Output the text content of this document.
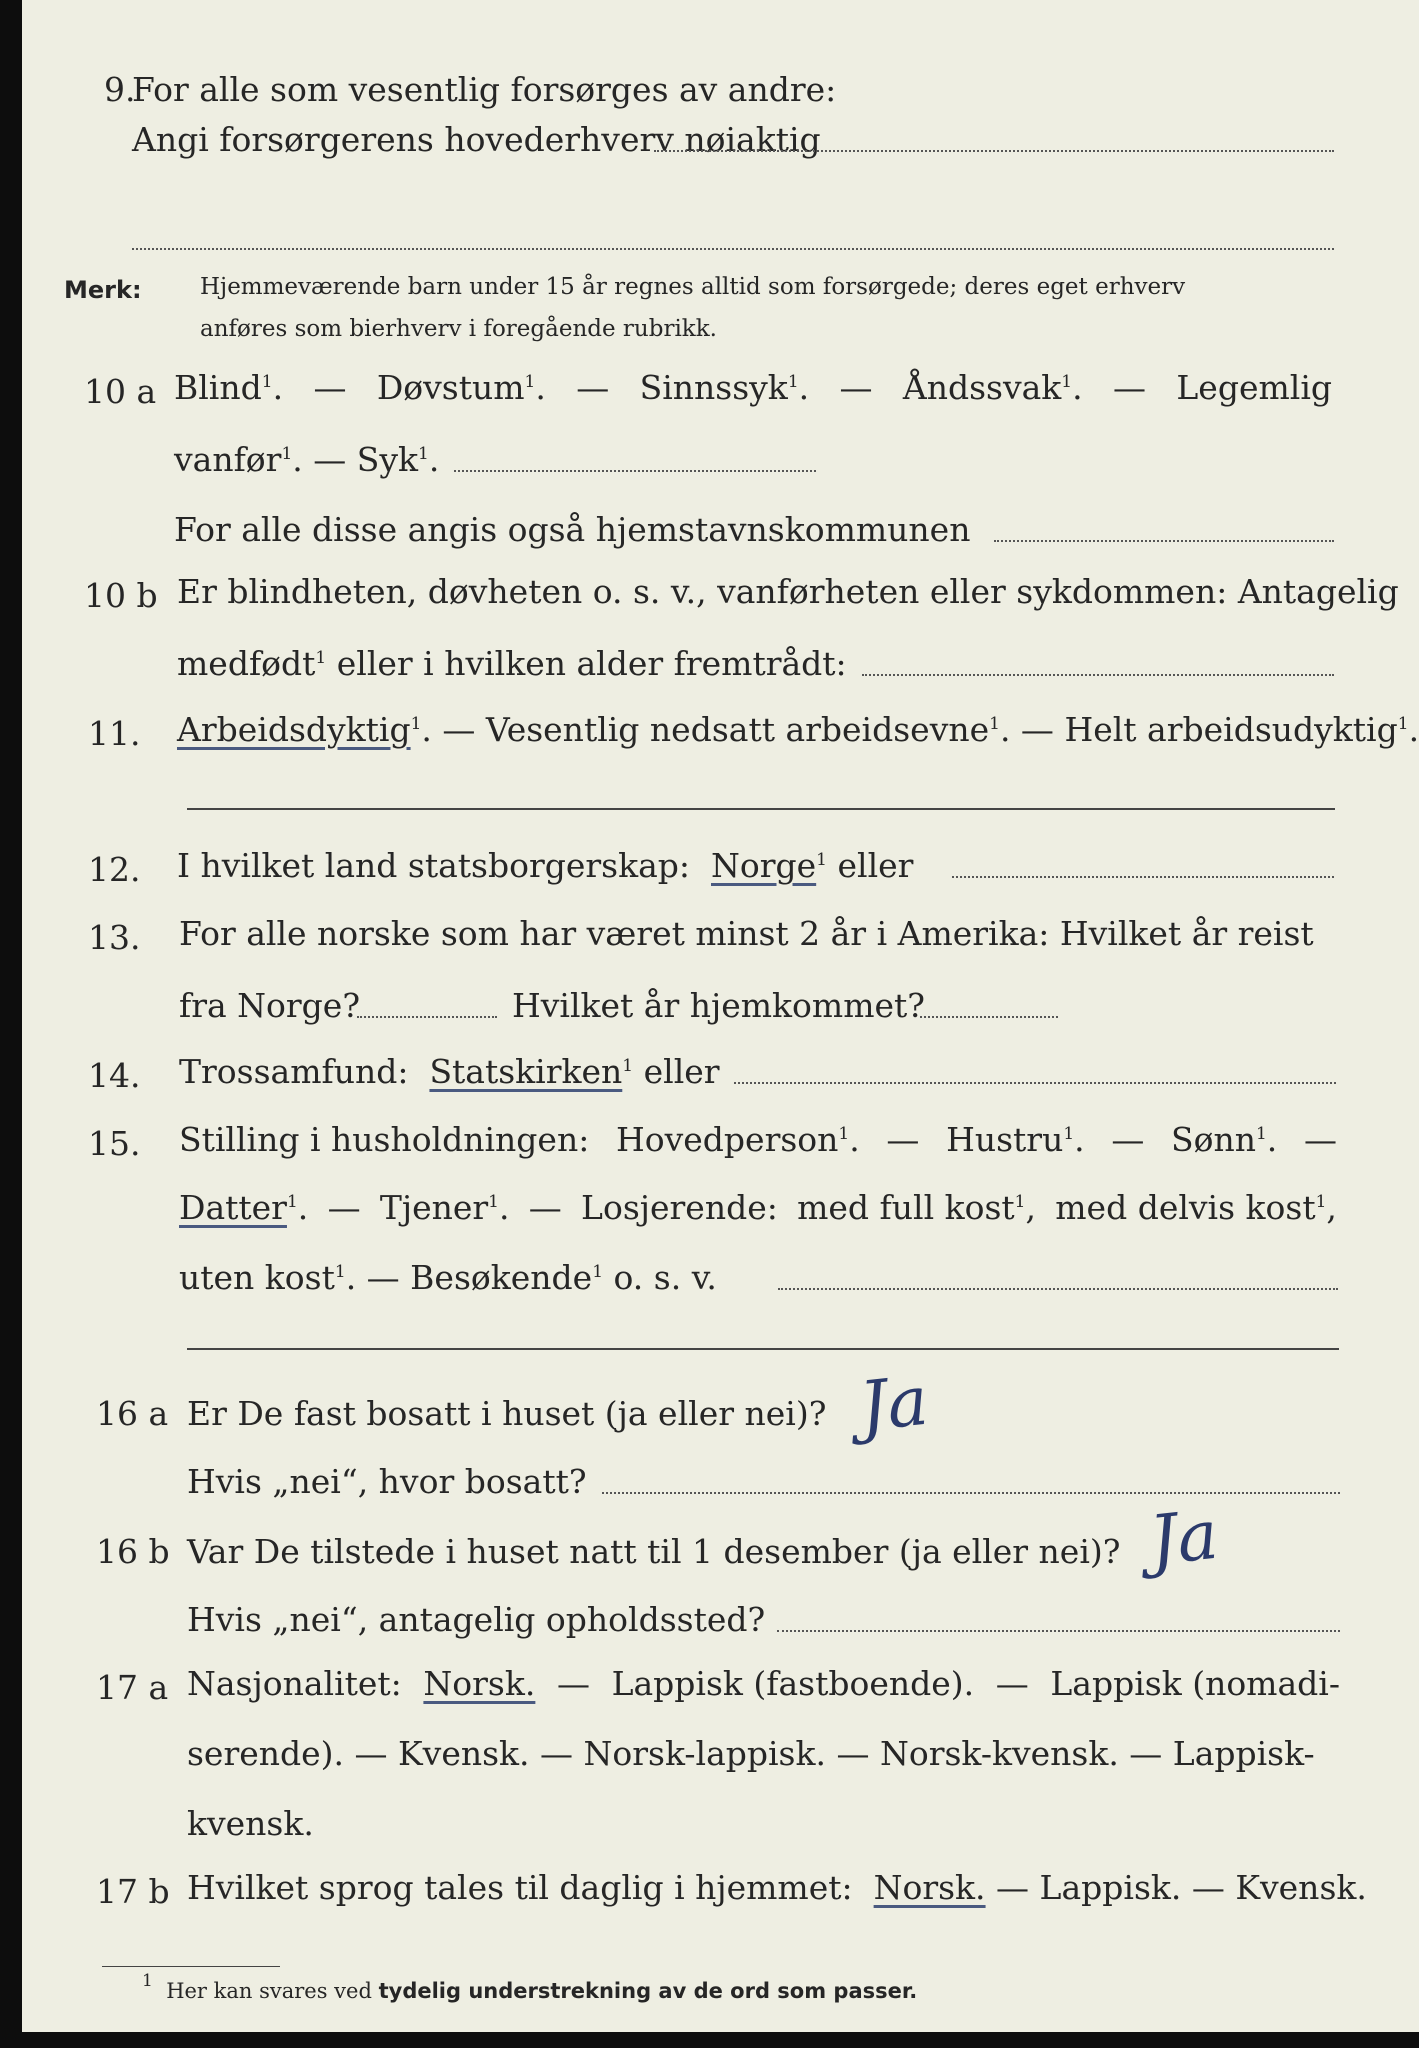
9.
For alle som vesentlig forsørges av andre:
Angi forsørgerens hovederhverv nøiaktig
Merk:	Hjemmeværende barn under 15 år regnes alltid som forsørgede; deres eget erhverv
anføres som bierhverv i foregående rubrikk.
10 a Blind$^1$. — Døvstum$^1$. — Sinnssyk$^1$. — Åndssvak$^1$. — Legemlig
vanfør$^1$. — Syk$^1$.
For alle disse angis også hjemstavnskommunen
10 b Er blindheten, døvheten o. s. v., vanførheten eller sykdommen: Antagelig
medfødt$^1$ eller i hvilken alder fremtrådt:
11. Arbeidsdyktig$^1$. — Vesentlig nedsatt arbeidsevne$^1$. — Helt arbeidsudyktig$^1$.
12. I hvilket land statsborgerskap: Norge$^1$ eller
13. For alle norske som har været minst 2 år i Amerika: Hvilket år reist
fra Norge?	Hvilket år hjemkommet?
14. Trossamfund: Statskirken$^1$ eller
15. Stilling i husholdningen: Hovedperson$^1$. — Hustru$^1$. — Sønn$^1$. —
Datter$^1$. — Tjener$^1$. — Losjerende: med full kost$^1$, med delvis kost$^1$,
uten kost$^1$. — Besøkende$^1$ o. s. v.
16 a Er De fast bosatt i huset (ja eller nei)? Ja
Hvis „nei“, hvor bosatt?
16 b Var De tilstede i huset natt til 1 desember (ja eller nei)? Ja
Hvis „nei“, antagelig opholdssted?
17 a Nasjonalitet: Norsk. — Lappisk (fastboende). — Lappisk (nomadi-
serende). — Kvensk. — Norsk-lappisk. — Norsk-kvensk. — Lappisk-
kvensk.
17 b Hvilket sprog tales til daglig i hjemmet: Norsk. — Lappisk. — Kvensk.
$^1$ Her kan svares ved tydelig understrekning av de ord som passer.
